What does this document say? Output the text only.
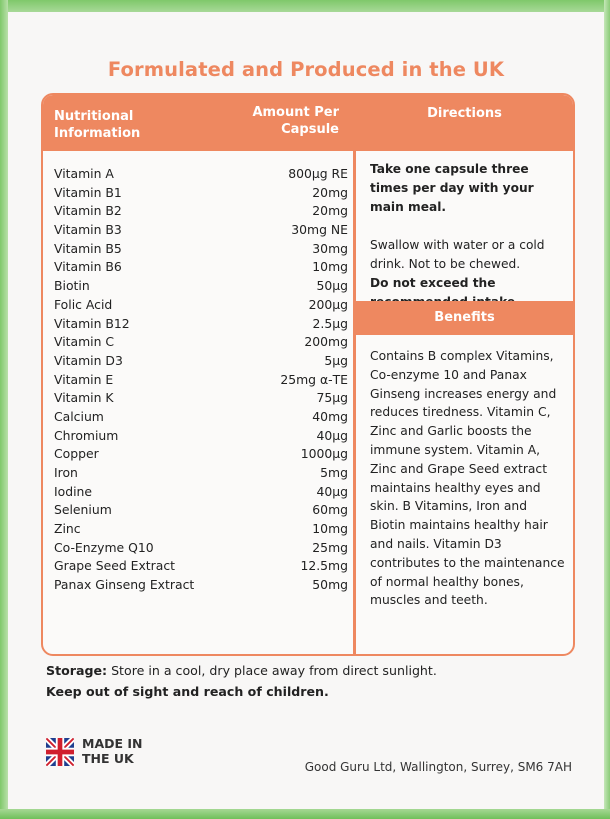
Formulated and Produced in the UK
Nutritional Information
Amount Per Capsule
Directions
Vitamin A	800µg RE
Vitamin B1	20mg
Vitamin B2	20mg
Vitamin B3	30mg NE
Vitamin B5	30mg
Vitamin B6	10mg
Biotin	50µg
Folic Acid	200µg
Vitamin B12	2.5µg
Vitamin C	200mg
Vitamin D3	5µg
Vitamin E	25mg α-TE
Vitamin K	75µg
Calcium	40mg
Chromium	40µg
Copper	1000µg
Iron	5mg
Iodine	40µg
Selenium	60mg
Zinc	10mg
Co-Enzyme Q10	25mg
Grape Seed Extract	12.5mg
Panax Ginseng Extract	50mg

Take one capsule three times per day with your main meal.

Swallow with water or a cold drink. Not to be chewed.

Do not exceed the

Benefits
Contains B complex Vitamins, Co-enzyme 10 and Panax Ginseng increases energy and reduces tiredness. Vitamin C, Zinc and Garlic boosts the immune system. Vitamin A, Zinc and Grape Seed extract maintains healthy eyes and skin. B Vitamins, Iron and Biotin maintains healthy hair and nails. Vitamin D3 contributes to the maintenance of normal healthy bones, muscles and teeth.

Storage: Store in a cool, dry place away from direct sunlight.

Keep out of sight and reach of children.

MADE IN
THE UK
Good Guru Ltd, Wallington, Surrey, SM6 7AH
